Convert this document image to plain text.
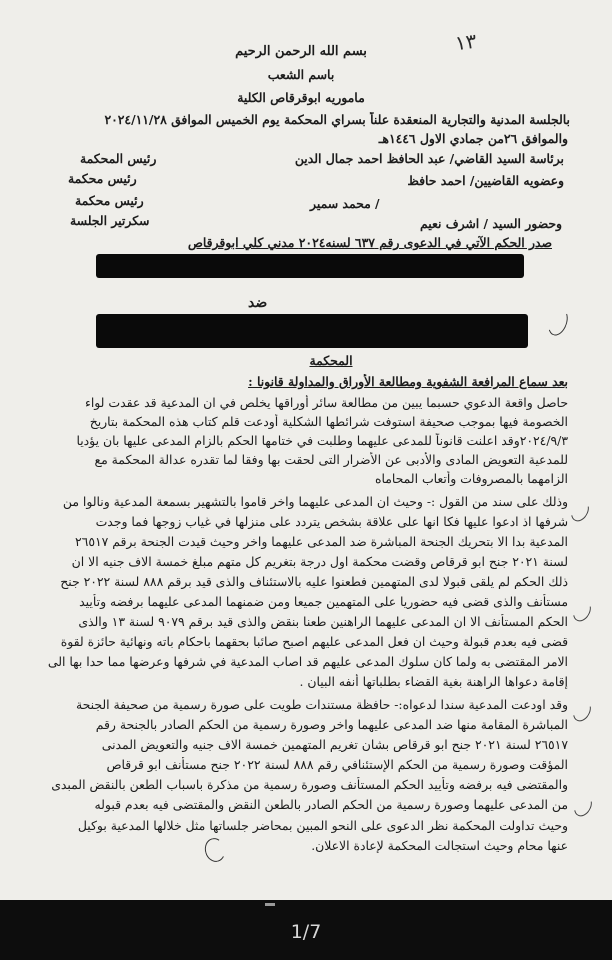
١٣
بسم الله الرحمن الرحيم
باسم الشعب
ماموريه ابوقرقاص الكلية
بالجلسة المدنية والتجارية المنعقدة علناً بسراي المحكمة يوم الخميس الموافق ٢٠٢٤/١١/٢٨
والموافق ٢٦من جمادي الاول ١٤٤٦هـ
برئاسة السيد القاضي/ عبد الحافظ احمد جمال الدين
رئيس المحكمة
وعضويه القاضيين/ احمد حافظ
رئيس محكمة
/ محمد سمير
رئيس محكمة
وحضور السيد / اشرف نعيم
سكرتير الجلسة
صدر الحكم الآتي في الدعوى رقم ٦٣٧ لسنه٢٠٢٤ مدني كلي ابوقرقاص
ضد
المحكمة
بعد سماع المرافعة الشفوية ومطالعة الأوراق والمداولة قانونا :
حاصل واقعة الدعوي حسبما يبين من مطالعة سائر أوراقها يخلص في ان المدعية قد عقدت لواء
الخصومة فيها بموجب صحيفة استوفت شرائطها الشكلية أودعت قلم كتاب هذه المحكمة بتاريخ
٢٠٢٤/٩/٣وقد اعلنت قانوناً للمدعى عليهما وطلبت في ختامها الحكم بالزام المدعى عليها بان يؤديا
للمدعية التعويض المادى والأدبى عن الأضرار التى لحقت بها وفقا لما تقدره عدالة المحكمة مع
الزامهما بالمصروفات وأتعاب المحاماه
وذلك على سند من القول :- وحيث ان المدعى عليهما واخر قاموا بالتشهير بسمعة المدعية ونالوا من
شرفها اذ ادعوا عليها فكا انها على علاقة بشخص يتردد على منزلها في غياب زوجها فما وجدت
المدعية بدا الا بتحريك الجنحة المباشرة ضد المدعى عليهما واخر وحيث قيدت الجنحة برقم ٢٦٥١٧
لسنة ٢٠٢١ جنح ابو قرقاص وقضت محكمة اول درجة بتغريم كل متهم مبلغ خمسة الاف جنيه الا ان
ذلك الحكم لم يلقى قبولا لدى المتهمين فطعنوا عليه بالاستئناف والذى قيد برقم ٨٨٨ لسنة ٢٠٢٢ جنح
مستأنف والذى قضى فيه حضوريا على المتهمين جميعا ومن ضمنهما المدعى عليهما برفضه وتأييد
الحكم المستأنف الا ان المدعى عليهما الراهنين طعنا بنقض والذى قيد برقم ٩٠٧٩ لسنة ١٣ والذى
قضى فيه بعدم قبولة وحيث ان فعل المدعى عليهم اصبح صائبا بحقهما باحكام باته ونهائية حائزة لقوة
الامر المقتضى به ولما كان سلوك المدعى عليهم قد اصاب المدعية في شرفها وعرضها مما حدا بها الى
إقامة دعواها الراهنة بغية القضاء بطلباتها أنفه البيان .
وقد اودعت المدعية سندا لدعواه:- حافظة مستندات طويت على صورة رسمية من صحيفة الجنحة
المباشرة المقامة منها ضد المدعى عليهما واخر وصورة رسمية من الحكم الصادر بالجنحة رقم
٢٦٥١٧ لسنة ٢٠٢١ جنح ابو قرقاص بشان تغريم المتهمين خمسة الاف جنيه والتعويض المدنى
المؤقت وصورة رسمية من الحكم الإستئنافي رقم ٨٨٨ لسنة ٢٠٢٢ جنح مستأنف ابو قرقاص
والمقتضى فيه برفضه وتأييد الحكم المستأنف وصورة رسمية من مذكرة باسباب الطعن بالنقض المبدى
من المدعى عليهما وصورة رسمية من الحكم الصادر بالطعن النقض والمقتضى فيه بعدم قبوله
وحيث تداولت المحكمة نظر الدعوى على النحو المبين بمحاضر جلساتها مثل خلالها المدعية بوكيل
عنها محام وحيث استجالت المحكمة لإعادة الاعلان.
1/7
